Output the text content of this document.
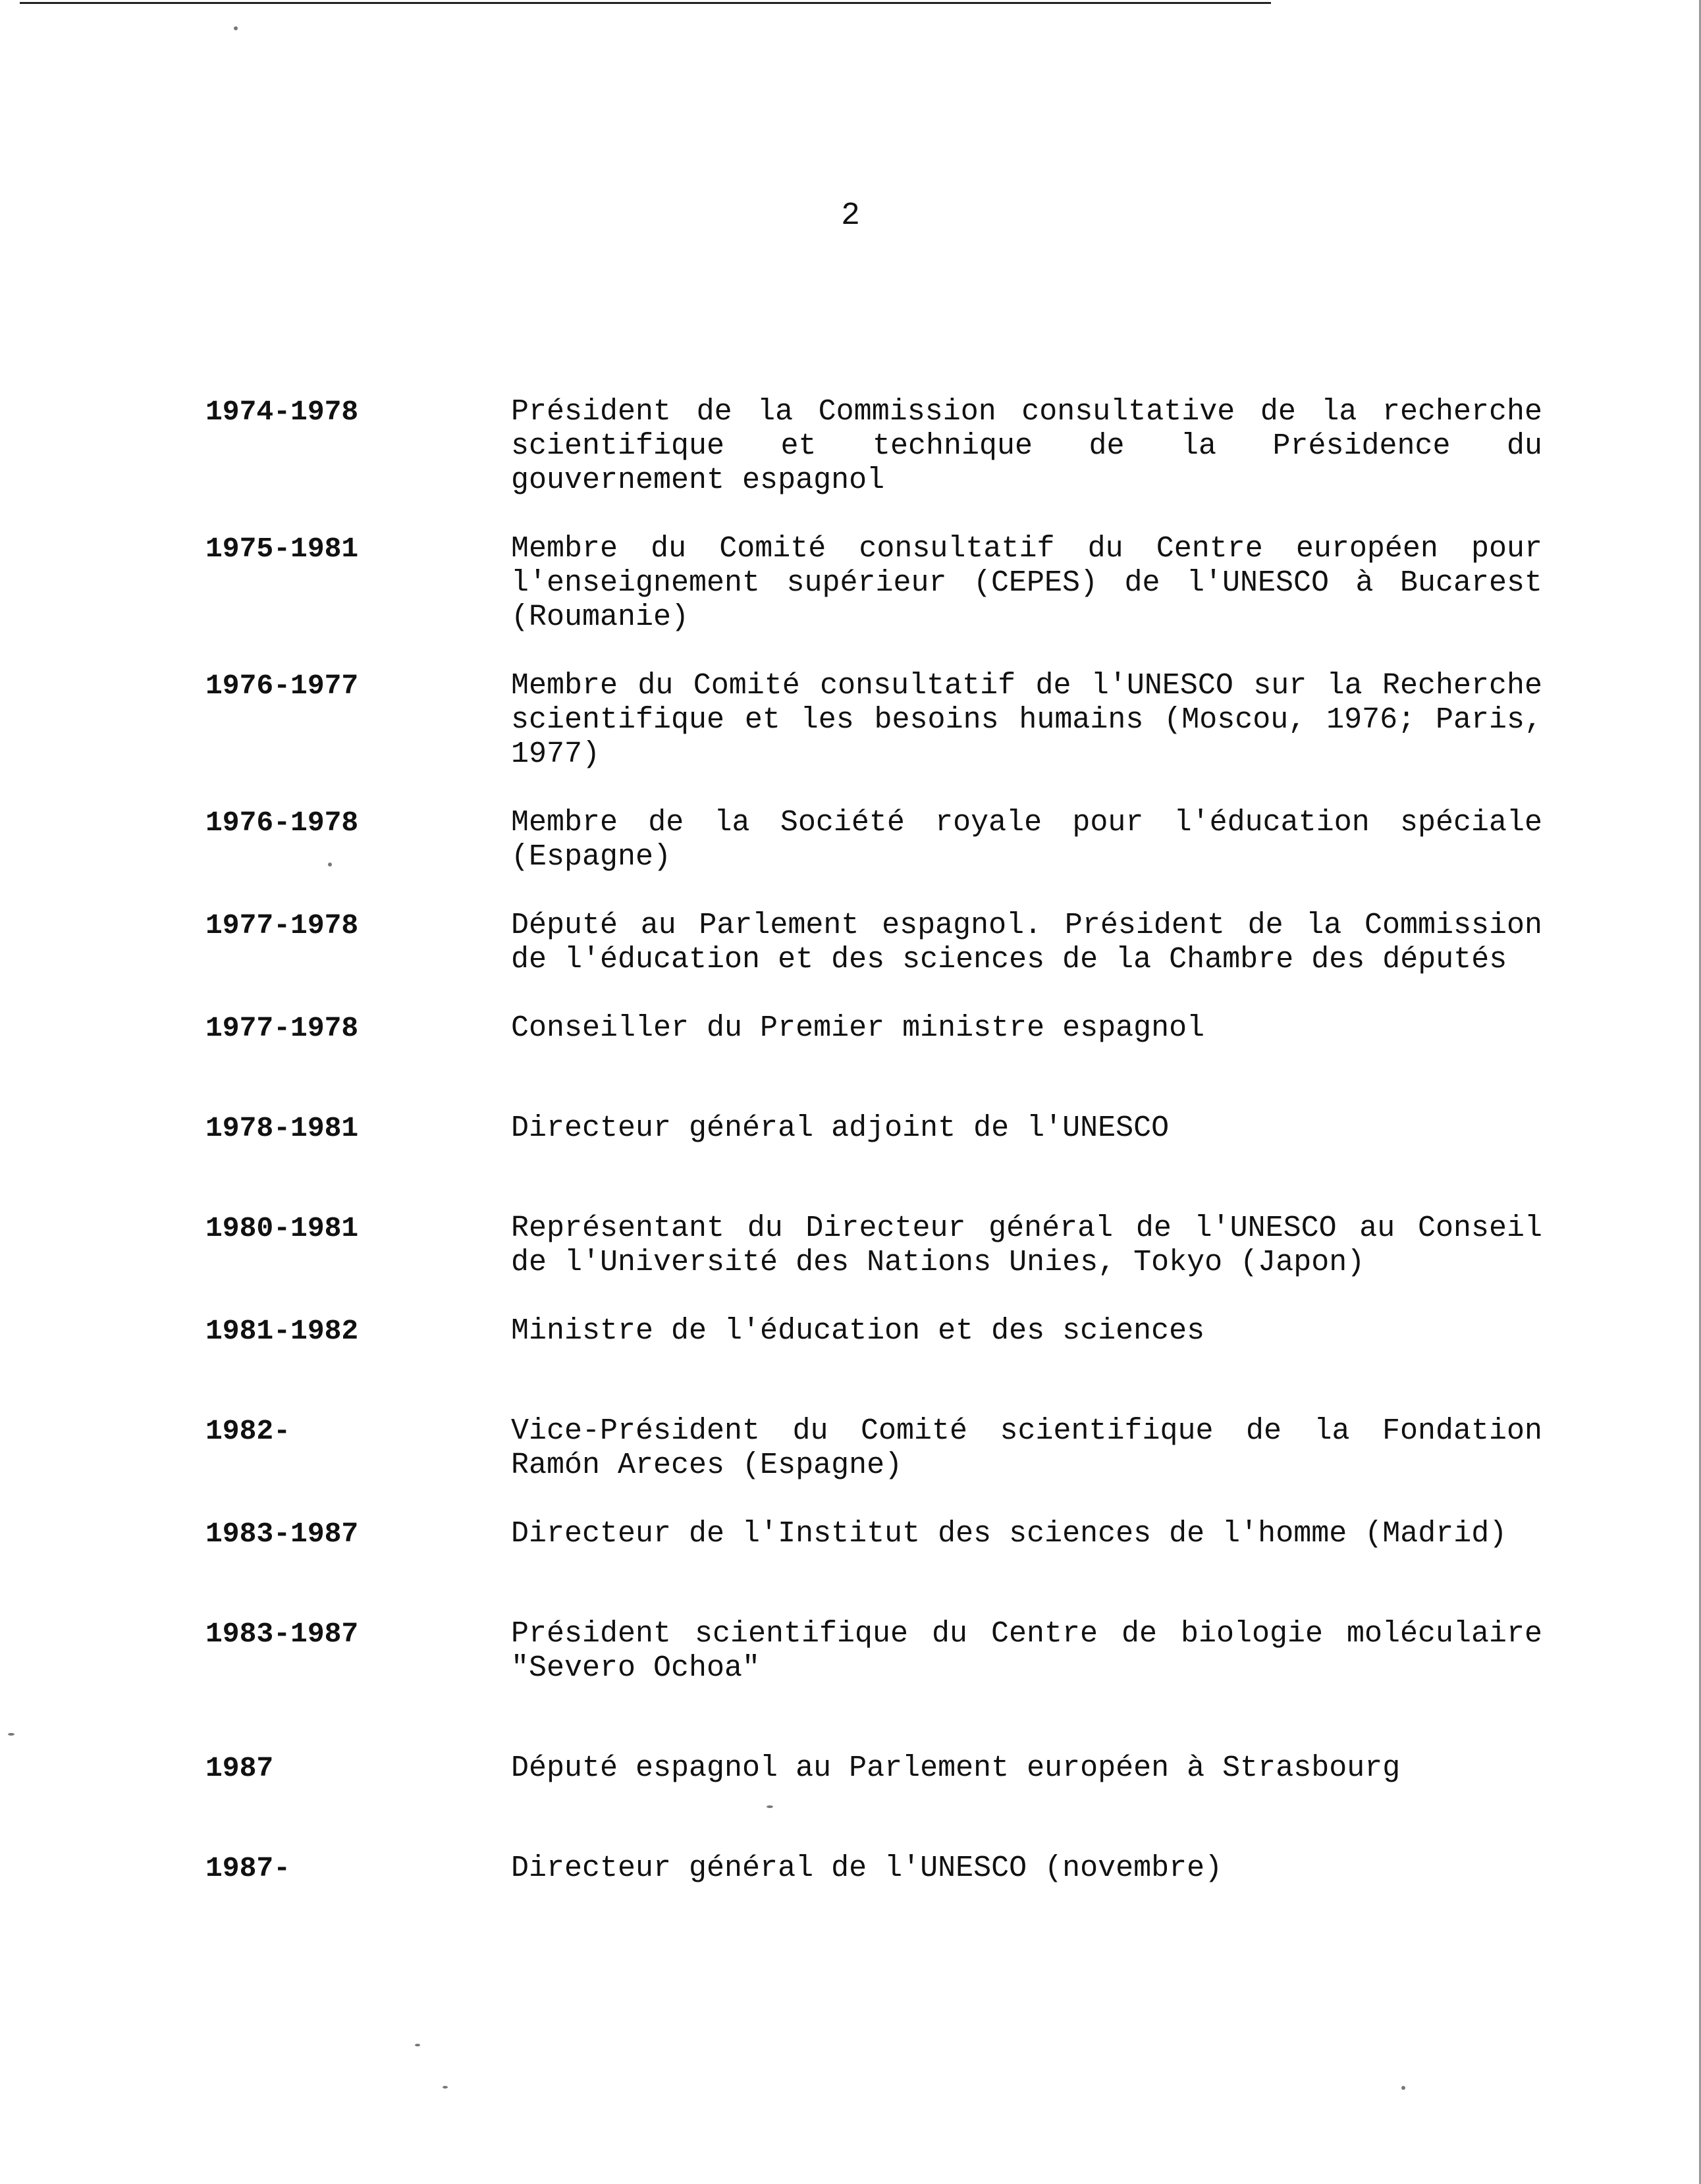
2
1974-1978	Président de la Commission consultative de la recherche scientifique et technique de la Présidence du gouvernement espagnol
1975-1981	Membre du Comité consultatif du Centre européen pour l'enseignement supérieur (CEPES) de l'UNESCO à Bucarest (Roumanie)
1976-1977	Membre du Comité consultatif de l'UNESCO sur la Recherche scientifique et les besoins humains (Moscou, 1976; Paris, 1977)
1976-1978	Membre de la Société royale pour l'éducation spéciale (Espagne)
1977-1978	Député au Parlement espagnol. Président de la Commission de l'éducation et des sciences de la Chambre des députés
1977-1978	Conseiller du Premier ministre espagnol
1978-1981	Directeur général adjoint de l'UNESCO
1980-1981	Représentant du Directeur général de l'UNESCO au Conseil de l'Université des Nations Unies, Tokyo (Japon)
1981-1982	Ministre de l'éducation et des sciences
1982-	Vice-Président du Comité scientifique de la Fondation Ramón Areces (Espagne)
1983-1987	Directeur de l'Institut des sciences de l'homme (Madrid)
1983-1987	Président scientifique du Centre de biologie moléculaire "Severo Ochoa"
1987	Député espagnol au Parlement européen à Strasbourg
1987-	Directeur général de l'UNESCO (novembre)
